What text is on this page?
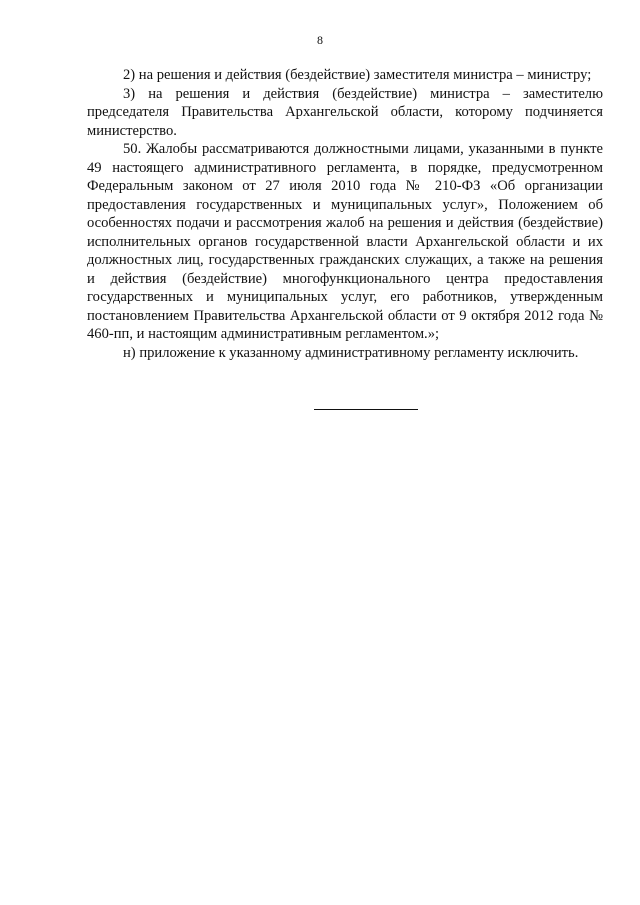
8

2) на решения и действия (бездействие) заместителя министра – министру;

3) на решения и действия (бездействие) министра – заместителю председателя Правительства Архангельской области, которому подчиняется министерство.

50. Жалобы рассматриваются должностными лицами, указанными в пункте 49 настоящего административного регламента, в порядке, предусмотренном Федеральным законом от 27 июля 2010 года № 210-ФЗ «Об организации предоставления государственных и муниципальных услуг», Положением об особенностях подачи и рассмотрения жалоб на решения и действия (бездействие) исполнительных органов государственной власти Архангельской области и их должностных лиц, государственных гражданских служащих, а также на решения и действия (бездействие) многофункционального центра предоставления государственных и муниципальных услуг, его работников, утвержденным постановлением Правительства Архангельской области от 9 октября 2012 года № 460-пп, и настоящим административным регламентом.»;

н) приложение к указанному административному регламенту исключить.
